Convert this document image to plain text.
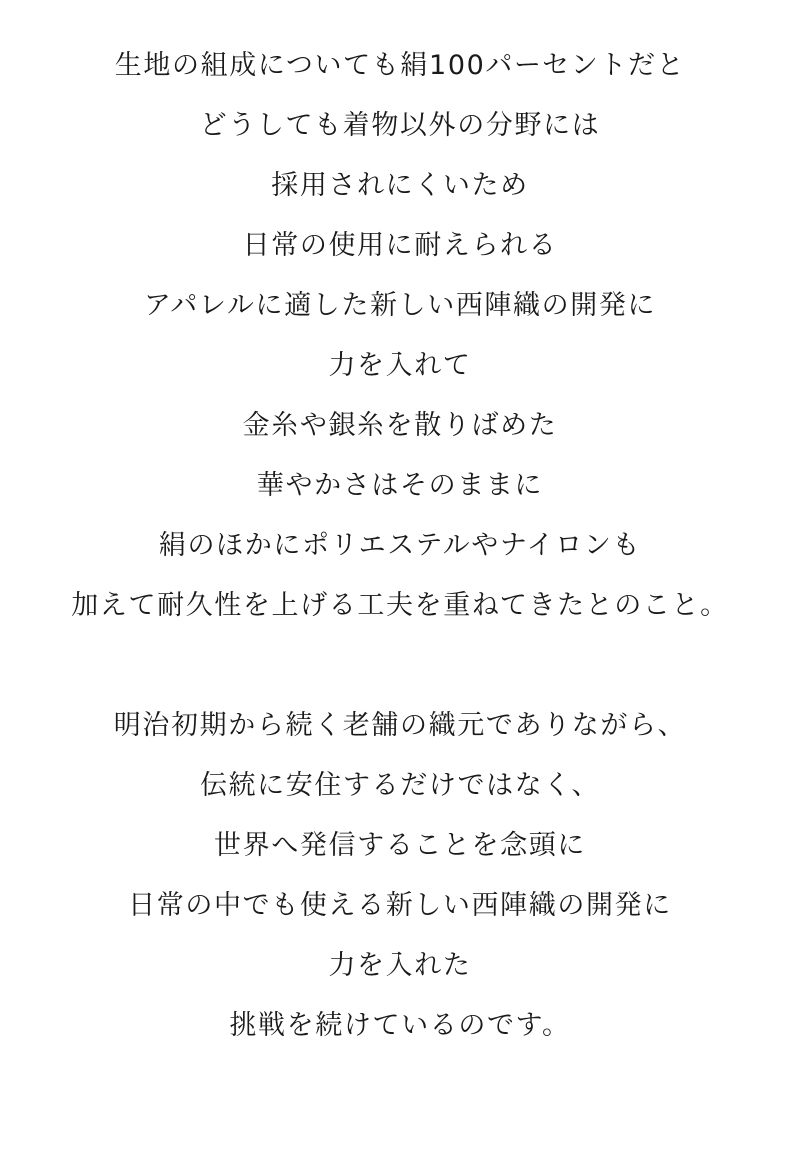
生地の組成についても絹100パーセントだと
どうしても着物以外の分野には
採用されにくいため
日常の使用に耐えられる
アパレルに適した新しい西陣織の開発に
力を入れて
金糸や銀糸を散りばめた
華やかさはそのままに
絹のほかにポリエステルやナイロンも
加えて耐久性を上げる工夫を重ねてきたとのこと。
明治初期から続く老舗の織元でありながら、
伝統に安住するだけではなく、
世界へ発信することを念頭に
日常の中でも使える新しい西陣織の開発に
力を入れた
挑戦を続けているのです。
